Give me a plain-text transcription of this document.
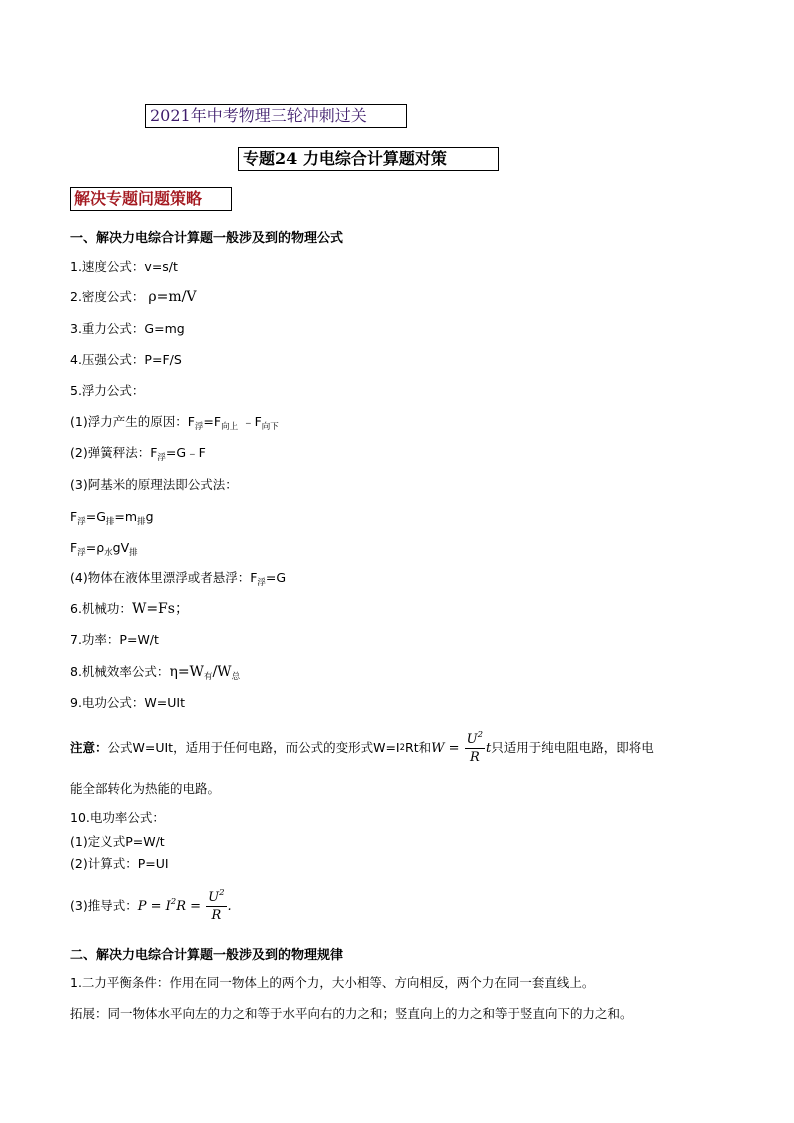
2021年中考物理三轮冲刺过关
专题24 力电综合计算题对策
解决专题问题策略
一、解决力电综合计算题一般涉及到的物理公式
1.速度公式：v=s/t
2.密度公式： ρ=m/V
3.重力公式：G=mg
4.压强公式：P=F/S
5.浮力公式：
(1)浮力产生的原因：$F_浮=F_{向上}$ $﹣F_{向下}$
(2)弹簧秤法：$F_浮=G﹣F$
(3)阿基米的原理法即公式法：
$F_浮=G_排=m_排g$
$F_浮=\rho_水gV_排$
(4)物体在液体里漂浮或者悬浮：$F_浮=G$
6.机械功：W=Fs；
7.功率：P=W/t
8.机械效率公式：$\eta=W_有/W_总$
9.电功公式：W=UIt
注意： 公式W=UIt，适用于任何电路，而公式的变形式W=I 2 Rt和 $W = \frac{U^2}{R}$ t 只适用于纯电阻电路，即将电
能全部转化为热能的电路。
10.电功率公式：
(1)定义式P=W/t
(2)计算式：P=UI
(3)推导式： $P = I^2R = \frac{U^2}{R}$ .
二、解决力电综合计算题一般涉及到的物理规律
1.二力平衡条件：作用在同一物体上的两个力，大小相等、方向相反，两个力在同一套直线上。
拓展：同一物体水平向左的力之和等于水平向右的力之和；竖直向上的力之和等于竖直向下的力之和。
